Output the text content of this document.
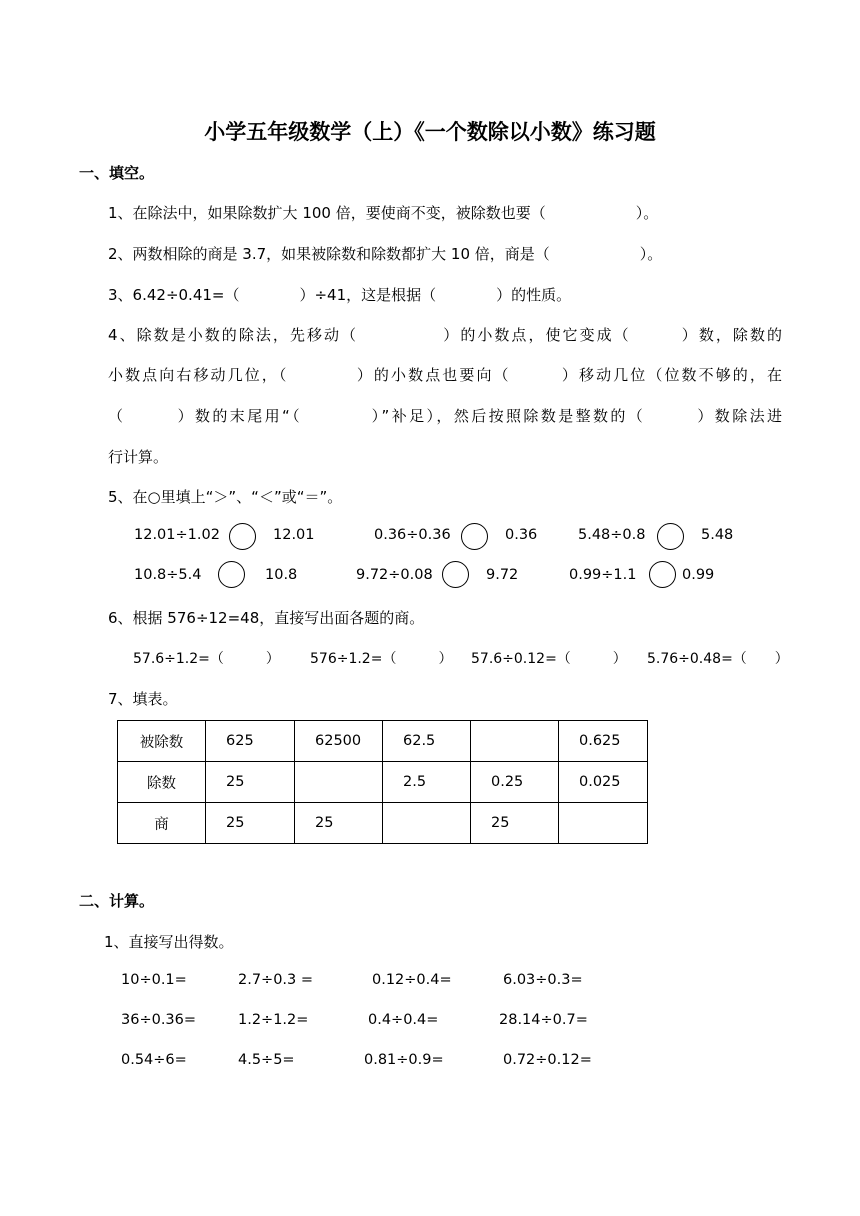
小学五年级数学（上）《一个数除以小数》练习题
一、填空。
1、在除法中，如果除数扩大 100 倍，要使商不变，被除数也要（　　　　　　）。
2、两数相除的商是 3.7，如果被除数和除数都扩大 10 倍，商是（　　　　　　）。
3、6.42÷0.41=（　　　　）÷41，这是根据（　　　　）的性质。
4、除数是小数的除法，先移动（　　　　　）的小数点，使它变成（　　　）数，除数的
小数点向右移动几位，（　　　　）的小数点也要向（　　　）移动几位（位数不够的，在
（　　　）数的末尾用“（　　　　）”补足），然后按照除数是整数的（　　　）数除法进
行计算。
5、在○里填上“＞”、“＜”或“＝”。
12.01÷1.02	12.01	0.36÷0.36	0.36	5.48÷0.8	5.48
10.8÷5.4	10.8	9.72÷0.08	9.72	0.99÷1.1	0.99
6、根据 576÷12=48，直接写出面各题的商。
57.6÷1.2=（　　　） 576÷1.2=（　　　） 57.6÷0.12=（　　　） 5.76÷0.48=（　　）
7、填表。
被除数	625	62500	62.5		0.625
除数	25		2.5	0.25	0.025
商	25	25		25	
二、计算。
1、直接写出得数。
10÷0.1=	2.7÷0.3 =	0.12÷0.4=	6.03÷0.3=
36÷0.36=	1.2÷1.2=	0.4÷0.4=	28.14÷0.7=
0.54÷6=	4.5÷5=	0.81÷0.9=	0.72÷0.12=
